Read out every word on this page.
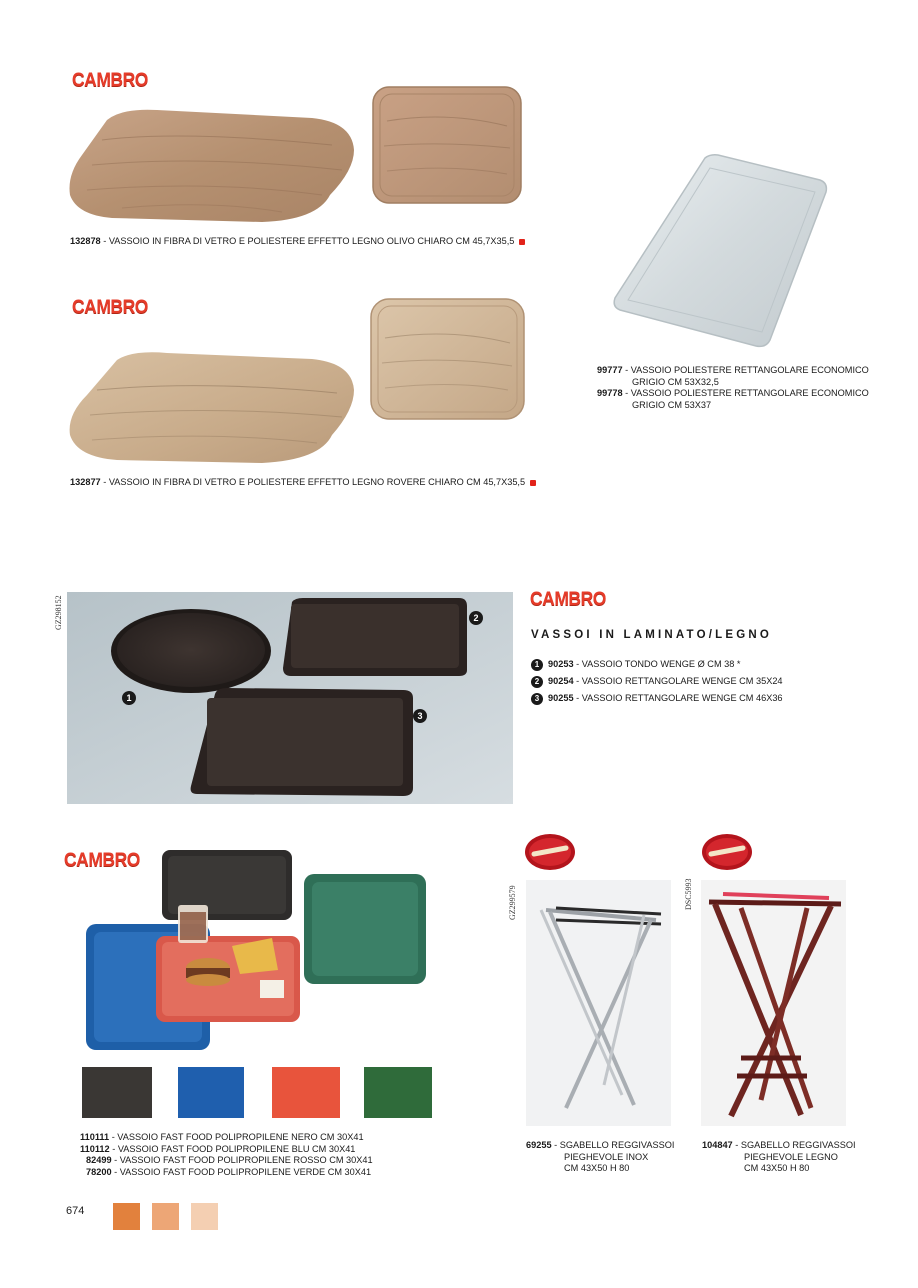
CAMBRO
132878 - VASSOIO IN FIBRA DI VETRO E POLIESTERE EFFETTO LEGNO OLIVO CHIARO CM 45,7X35,5
CAMBRO
132877 - VASSOIO IN FIBRA DI VETRO E POLIESTERE EFFETTO LEGNO ROVERE CHIARO CM 45,7X35,5
99777 - VASSOIO POLIESTERE RETTANGOLARE ECONOMICO
GRIGIO CM 53X32,5
99778 - VASSOIO POLIESTERE RETTANGOLARE ECONOMICO
GRIGIO CM 53X37
GZ298152	2
1
3
CAMBRO
VASSOI IN LAMINATO/LEGNO
1 90253 - VASSOIO TONDO WENGE Ø CM 38 *
2 90254 - VASSOIO RETTANGOLARE WENGE CM 35X24
3 90255 - VASSOIO RETTANGOLARE WENGE CM 46X36
CAMBRO
110111 - VASSOIO FAST FOOD POLIPROPILENE NERO CM 30X41
110112 - VASSOIO FAST FOOD POLIPROPILENE BLU CM 30X41
82499 - VASSOIO FAST FOOD POLIPROPILENE ROSSO CM 30X41
78200 - VASSOIO FAST FOOD POLIPROPILENE VERDE CM 30X41
GZ299579
69255 - SGABELLO REGGIVASSOI
PIEGHEVOLE INOX
CM 43X50 H 80
DSC5993
104847 - SGABELLO REGGIVASSOI
PIEGHEVOLE LEGNO
CM 43X50 H 80
674
